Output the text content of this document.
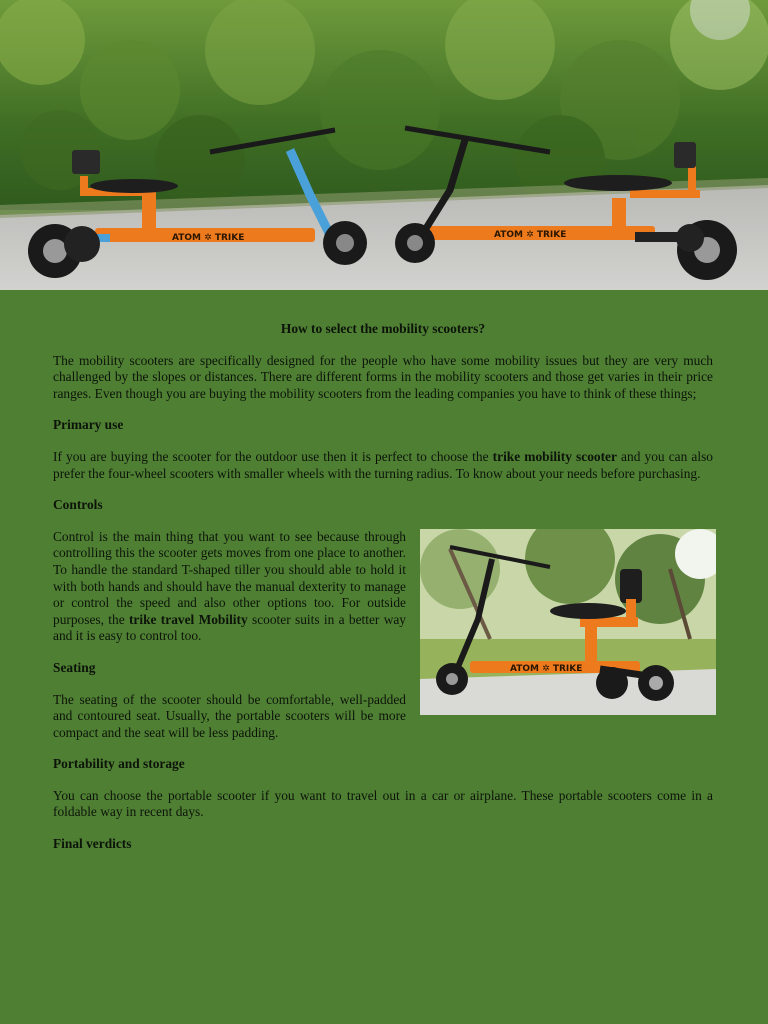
ATOM ✲ TRIKE	ATOM ✲ TRIKE
How to select the mobility scooters?

The mobility scooters are specifically designed for the people who have some mobility issues but they are very much challenged by the slopes or distances. There are different forms in the mobility scooters and those get varies in their price ranges. Even though you are buying the mobility scooters from the leading companies you have to think of these things;

Primary use

If you are buying the scooter for the outdoor use then it is perfect to choose the trike mobility scooter and you can also prefer the four-wheel scooters with smaller wheels with the turning radius. To know about your needs before purchasing.

Controls
ATOM ✲ TRIKE

Control is the main thing that you want to see because through controlling this the scooter gets moves from one place to another. To handle the standard T-shaped tiller you should able to hold it with both hands and should have the manual dexterity to manage or control the speed and also other options too. For outside purposes, the trike travel Mobility scooter suits in a better way and it is easy to control too.

Seating

The seating of the scooter should be comfortable, well-padded and contoured seat. Usually, the portable scooters will be more compact and the seat will be less padding.

Portability and storage

You can choose the portable scooter if you want to travel out in a car or airplane. These portable scooters come in a foldable way in recent days.

Final verdicts
